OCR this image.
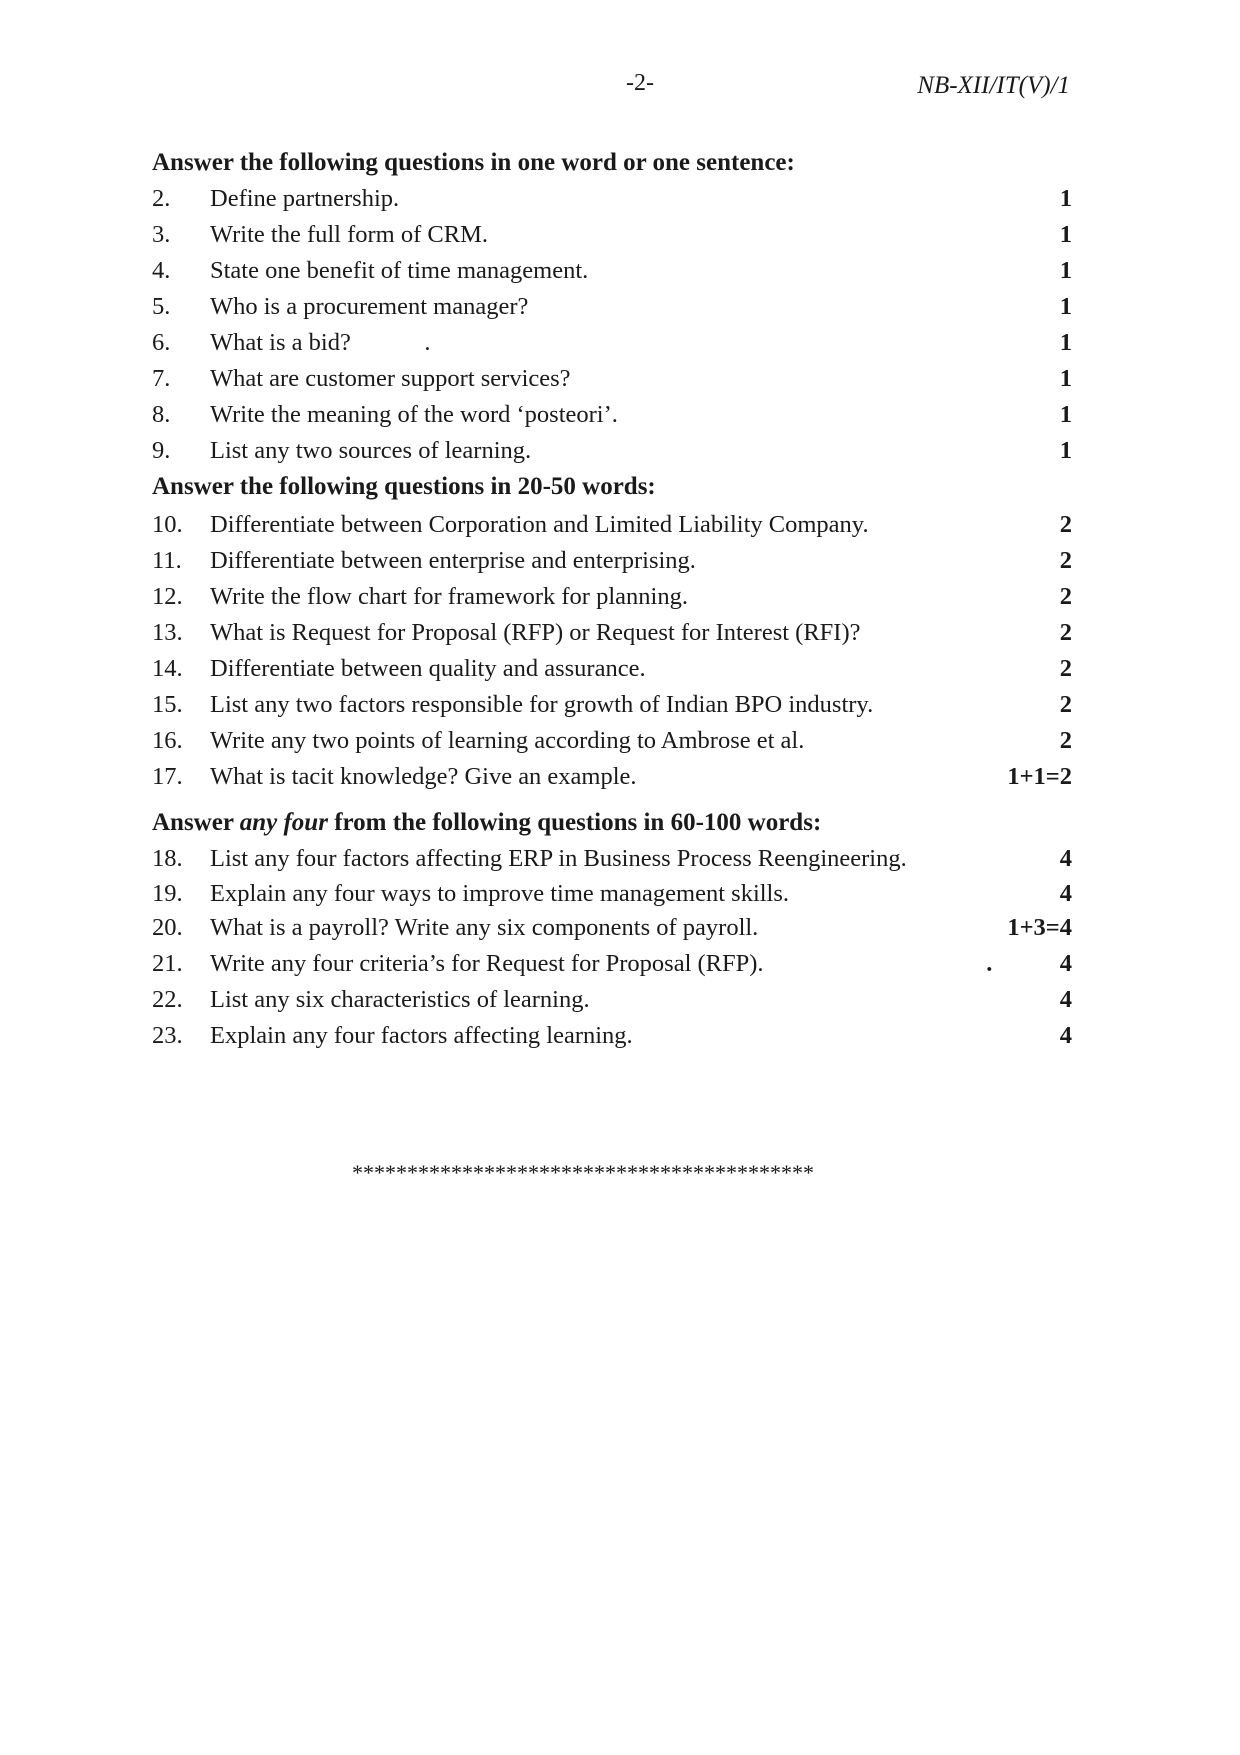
-2-	NB-XII/IT(V)/1
Answer the following questions in one word or one sentence:
2.	Define partnership.	1
3.	Write the full form of CRM.	1
4.	State one benefit of time management.	1
5.	Who is a procurement manager?	1
6.	What is a bid?            .	1
7.	What are customer support services?	1
8.	Write the meaning of the word ‘posteori’.	1
9.	List any two sources of learning.	1
Answer the following questions in 20-50 words:
10.	Differentiate between Corporation and Limited Liability Company.	2
11.	Differentiate between enterprise and enterprising.	2
12.	Write the flow chart for framework for planning.	2
13.	What is Request for Proposal (RFP) or Request for Interest (RFI)?	2
14.	Differentiate between quality and assurance.	2
15.	List any two factors responsible for growth of Indian BPO industry.	2
16.	Write any two points of learning according to Ambrose et al.	2
17.	What is tacit knowledge? Give an example.	1+1=2
Answer any four from the following questions in 60-100 words:
18.	List any four factors affecting ERP in Business Process Reengineering.	4
19.	Explain any four ways to improve time management skills.	4
20.	What is a payroll? Write any six components of payroll.	1+3=4
21.	Write any four criteria’s for Request for Proposal (RFP).	.           4
22.	List any six characteristics of learning.	4
23.	Explain any four factors affecting learning.	4
******************************************
